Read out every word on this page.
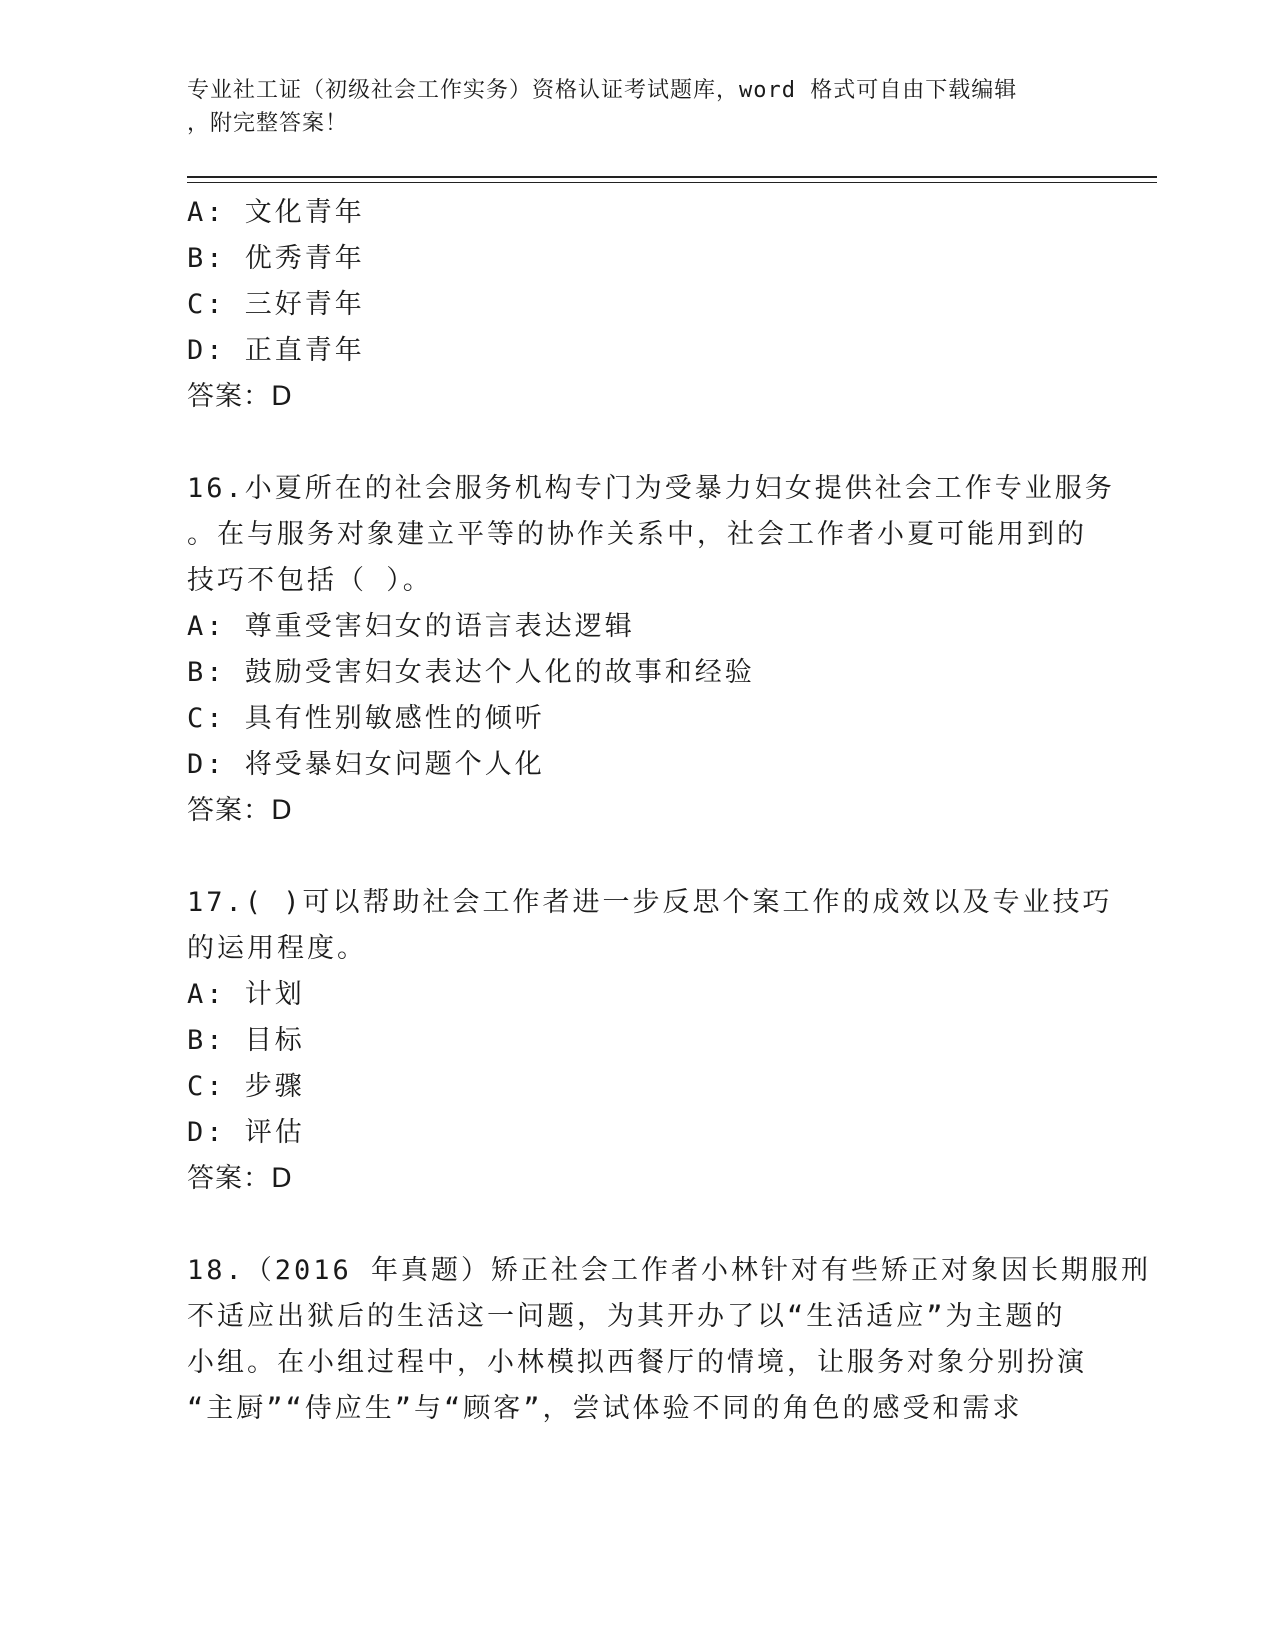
专业社工证（初级社会工作实务）资格认证考试题库，word 格式可自由下载编辑
，附完整答案！
A: 文化青年
B: 优秀青年
C: 三好青年
D: 正直青年
答案：D
16.小夏所在的社会服务机构专门为受暴力妇女提供社会工作专业服务
。在与服务对象建立平等的协作关系中，社会工作者小夏可能用到的
技巧不包括（ ）。
A: 尊重受害妇女的语言表达逻辑
B: 鼓励受害妇女表达个人化的故事和经验
C: 具有性别敏感性的倾听
D: 将受暴妇女问题个人化
答案：D
17.( )可以帮助社会工作者进一步反思个案工作的成效以及专业技巧
的运用程度。
A: 计划
B: 目标
C: 步骤
D: 评估
答案：D
18.（2016 年真题）矫正社会工作者小林针对有些矫正对象因长期服刑
不适应出狱后的生活这一问题，为其开办了以“生活适应”为主题的
小组。在小组过程中，小林模拟西餐厅的情境，让服务对象分别扮演
“主厨”“侍应生”与“顾客”，尝试体验不同的角色的感受和需求
